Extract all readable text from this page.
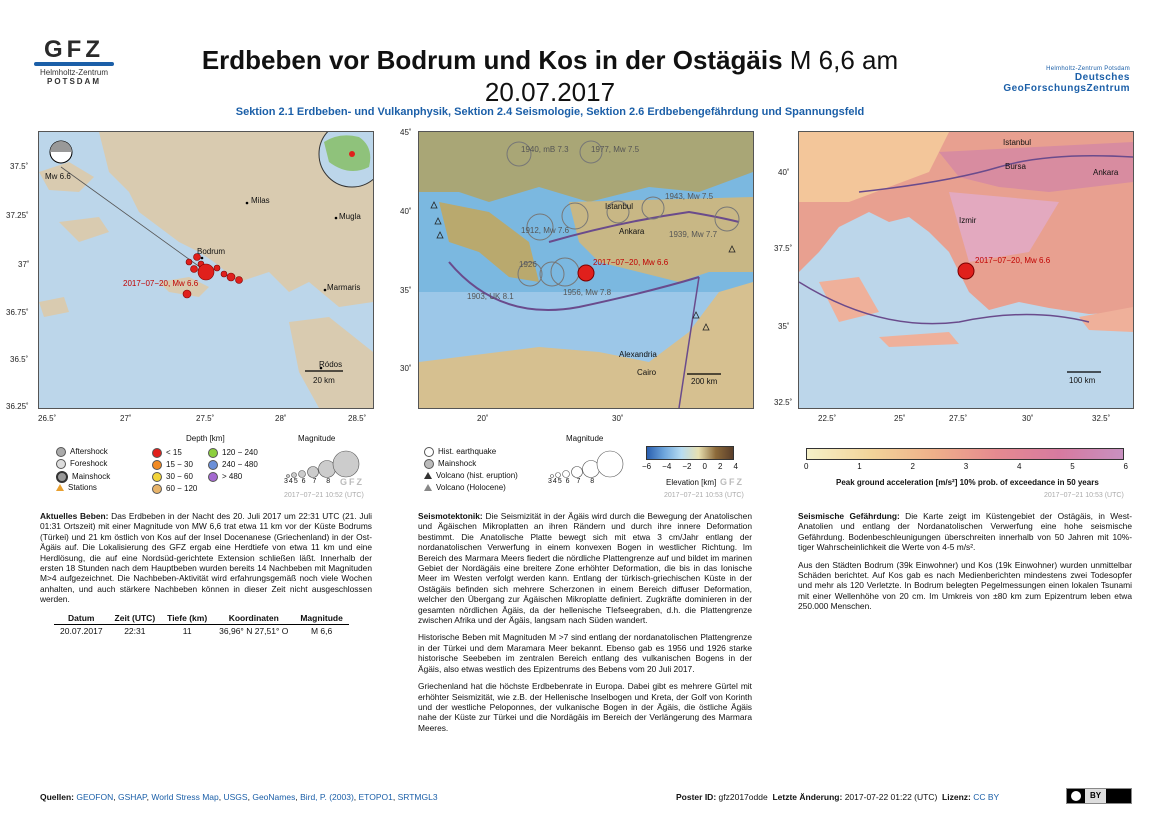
GFZ
Helmholtz-Zentrum
POTSDAM
Erdbeben vor Bodrum und Kos in der Ostägäis M 6,6 am 20.07.2017
Sektion 2.1 Erdbeben- und Vulkanphysik, Sektion 2.4 Seismologie, Sektion 2.6 Erdbebengefährdung und Spannungsfeld
Helmholtz-Zentrum Potsdam
Deutsches
GeoForschungsZentrum
Mw 6.6
Milas
Mugla
Bodrum
Marmaris
Ródos
2017−07−20, Mw 6.6
20 km
37.5˚
37.25˚
37˚
36.75˚
36.5˚
36.25˚
26.5˚	27˚	27.5˚	28˚	28.5˚
Aftershock
Foreshock
Mainshock
Stations
Depth [km]
< 15
15 − 30
30 − 60
60 − 120
120 − 240
240 − 480
> 480
Magnitude
345 6 7 8 GFZ
2017−07−21 10:52 (UTC)
1940, mB 7.3	1977, Mw 7.5
1943, Mw 7.5
1912, Mw 7.6	1939, Mw 7.7
1926
1956, Mw 7.8
1903, UK 8.1
Istanbul
Ankara
Alexandria
Cairo
2017−07−20, Mw 6.6
200 km
45˚
40˚
35˚
30˚
20˚	30˚
Hist. earthquake
Mainshock
Volcano (hist. eruption)
Volcano (Holocene)
Magnitude
345 6 7 8
−6 −4 −2 0 2 4
Elevation [km] GFZ
2017−07−21 10:53 (UTC)
Istanbul
Bursa
Ankara
Izmir
2017−07−20, Mw 6.6
100 km
40˚
37.5˚
35˚
32.5˚
22.5˚	25˚	27.5˚	30˚	32.5˚
0	1	2	3	4	5	6
Peak ground acceleration [m/s²] 10% prob. of exceedance in 50 years
2017−07−21 10:53 (UTC)

Aktuelles Beben: Das Erdbeben in der Nacht des 20. Juli 2017 um 22:31 UTC (21. Juli 01:31 Ortszeit) mit einer Magnitude von MW 6,6 trat etwa 11 km vor der Küste Bodrums (Türkei) und 21 km östlich von Kos auf der Insel Docenanese (Griechenland) in der Ost-Ägäis auf. Die Lokalisierung des GFZ ergab eine Herdtiefe von etwa 11 km und eine Herdlösung, die auf eine Nordsüd-gerichtete Extension schließen läßt. Innerhalb der ersten 18 Stunden nach dem Hauptbeben wurden bereits 14 Nachbeben mit Magnituden M>4 aufgezeichnet. Die Nachbeben-Aktivität wird erfahrungsgemäß noch viele Wochen anhalten, und auch stärkere Nachbeben können in dieser Zeit nicht ausgeschlossen werden.

Datum	Zeit (UTC)	Tiefe (km)	Koordinaten	Magnitude
20.07.2017	22:31	11	36,96° N 27,51° O	M 6,6

Seismotektonik: Die Seismizität in der Ägäis wird durch die Bewegung der Anatolischen und Ägäischen Mikroplatten an ihren Rändern und durch ihre innere Deformation bestimmt. Die Anatolische Platte bewegt sich mit etwa 3 cm/Jahr entlang der nordanatolischen Verwerfung in einem konvexen Bogen in westlicher Richtung. Im Bereich des Marmara Meers fiedert die nördliche Plattengrenze auf und bildet im marinen Gebiet der Nordägäis eine breitere Zone erhöhter Deformation, die bis in das Ionische Meer im Westen verfolgt werden kann. Entlang der türkisch-griechischen Küste in der Ostägäis befinden sich mehrere Scherzonen in einem Bereich diffuser Deformation, welcher den Übergang zur Ägäischen Mikroplatte definiert. Zugkräfte dominieren in der gesamten nördlichen Ägäis, da der hellenische TIefseegraben, d.h. die Plattengrenze zwischen Afrika und der Ägäis, langsam nach Süden wandert.

Historische Beben mit Magnituden M >7 sind entlang der nordanatolischen Plattengrenze in der Türkei und dem Maramara Meer bekannt. Ebenso gab es 1956 und 1926 starke historische Seebeben im zentralen Bereich entlang des vulkanischen Bogens in der Ägäis, also etwas westlich des Epizentrums des Bebens vom 20 Juli 2017.

Griechenland hat die höchste Erdbebenrate in Europa. Dabei gibt es mehrere Gürtel mit erhöhter Seismizität, wie z.B. der Hellenische Inselbogen und Kreta, der Golf von Korinth und der westliche Peloponnes, der vulkanische Bogen in der Ägäis, die östliche Ägäis nahe der Küste zur Türkei und die Nordägäis im Bereich der Verlängerung des Marmara Meeres.

Seismische Gefährdung: Die Karte zeigt im Küstengebiet der Ostägäis, in West-Anatolien und entlang der Nordanatolischen Verwerfung eine hohe seismische Gefährdung. Bodenbeschleunigungen überschreiten innerhalb von 50 Jahren mit 10%-tiger Wahrscheinlichkeit die Werte von 4-5 m/s².

Aus den Städten Bodrum (39k Einwohner) und Kos (19k Einwohner) wurden unmittelbar Schäden berichtet. Auf Kos gab es nach Medienberichten mindestens zwei Todesopfer und mehr als 120 Verletzte. In Bodrum belegten Pegelmessungen einen lokalen Tsunami mit einer Wellenhöhe von 20 cm. Im Umkreis von ±80 km zum Epizentrum leben etwa 250.000 Menschen.

Quellen: GEOFON, GSHAP, World Stress Map, USGS, GeoNames, Bird, P. (2003), ETOPO1, SRTMGL3	Poster ID: gfz2017odde Letzte Änderung: 2017-07-22 01:22 (UTC) Lizenz: CC BY	BY
